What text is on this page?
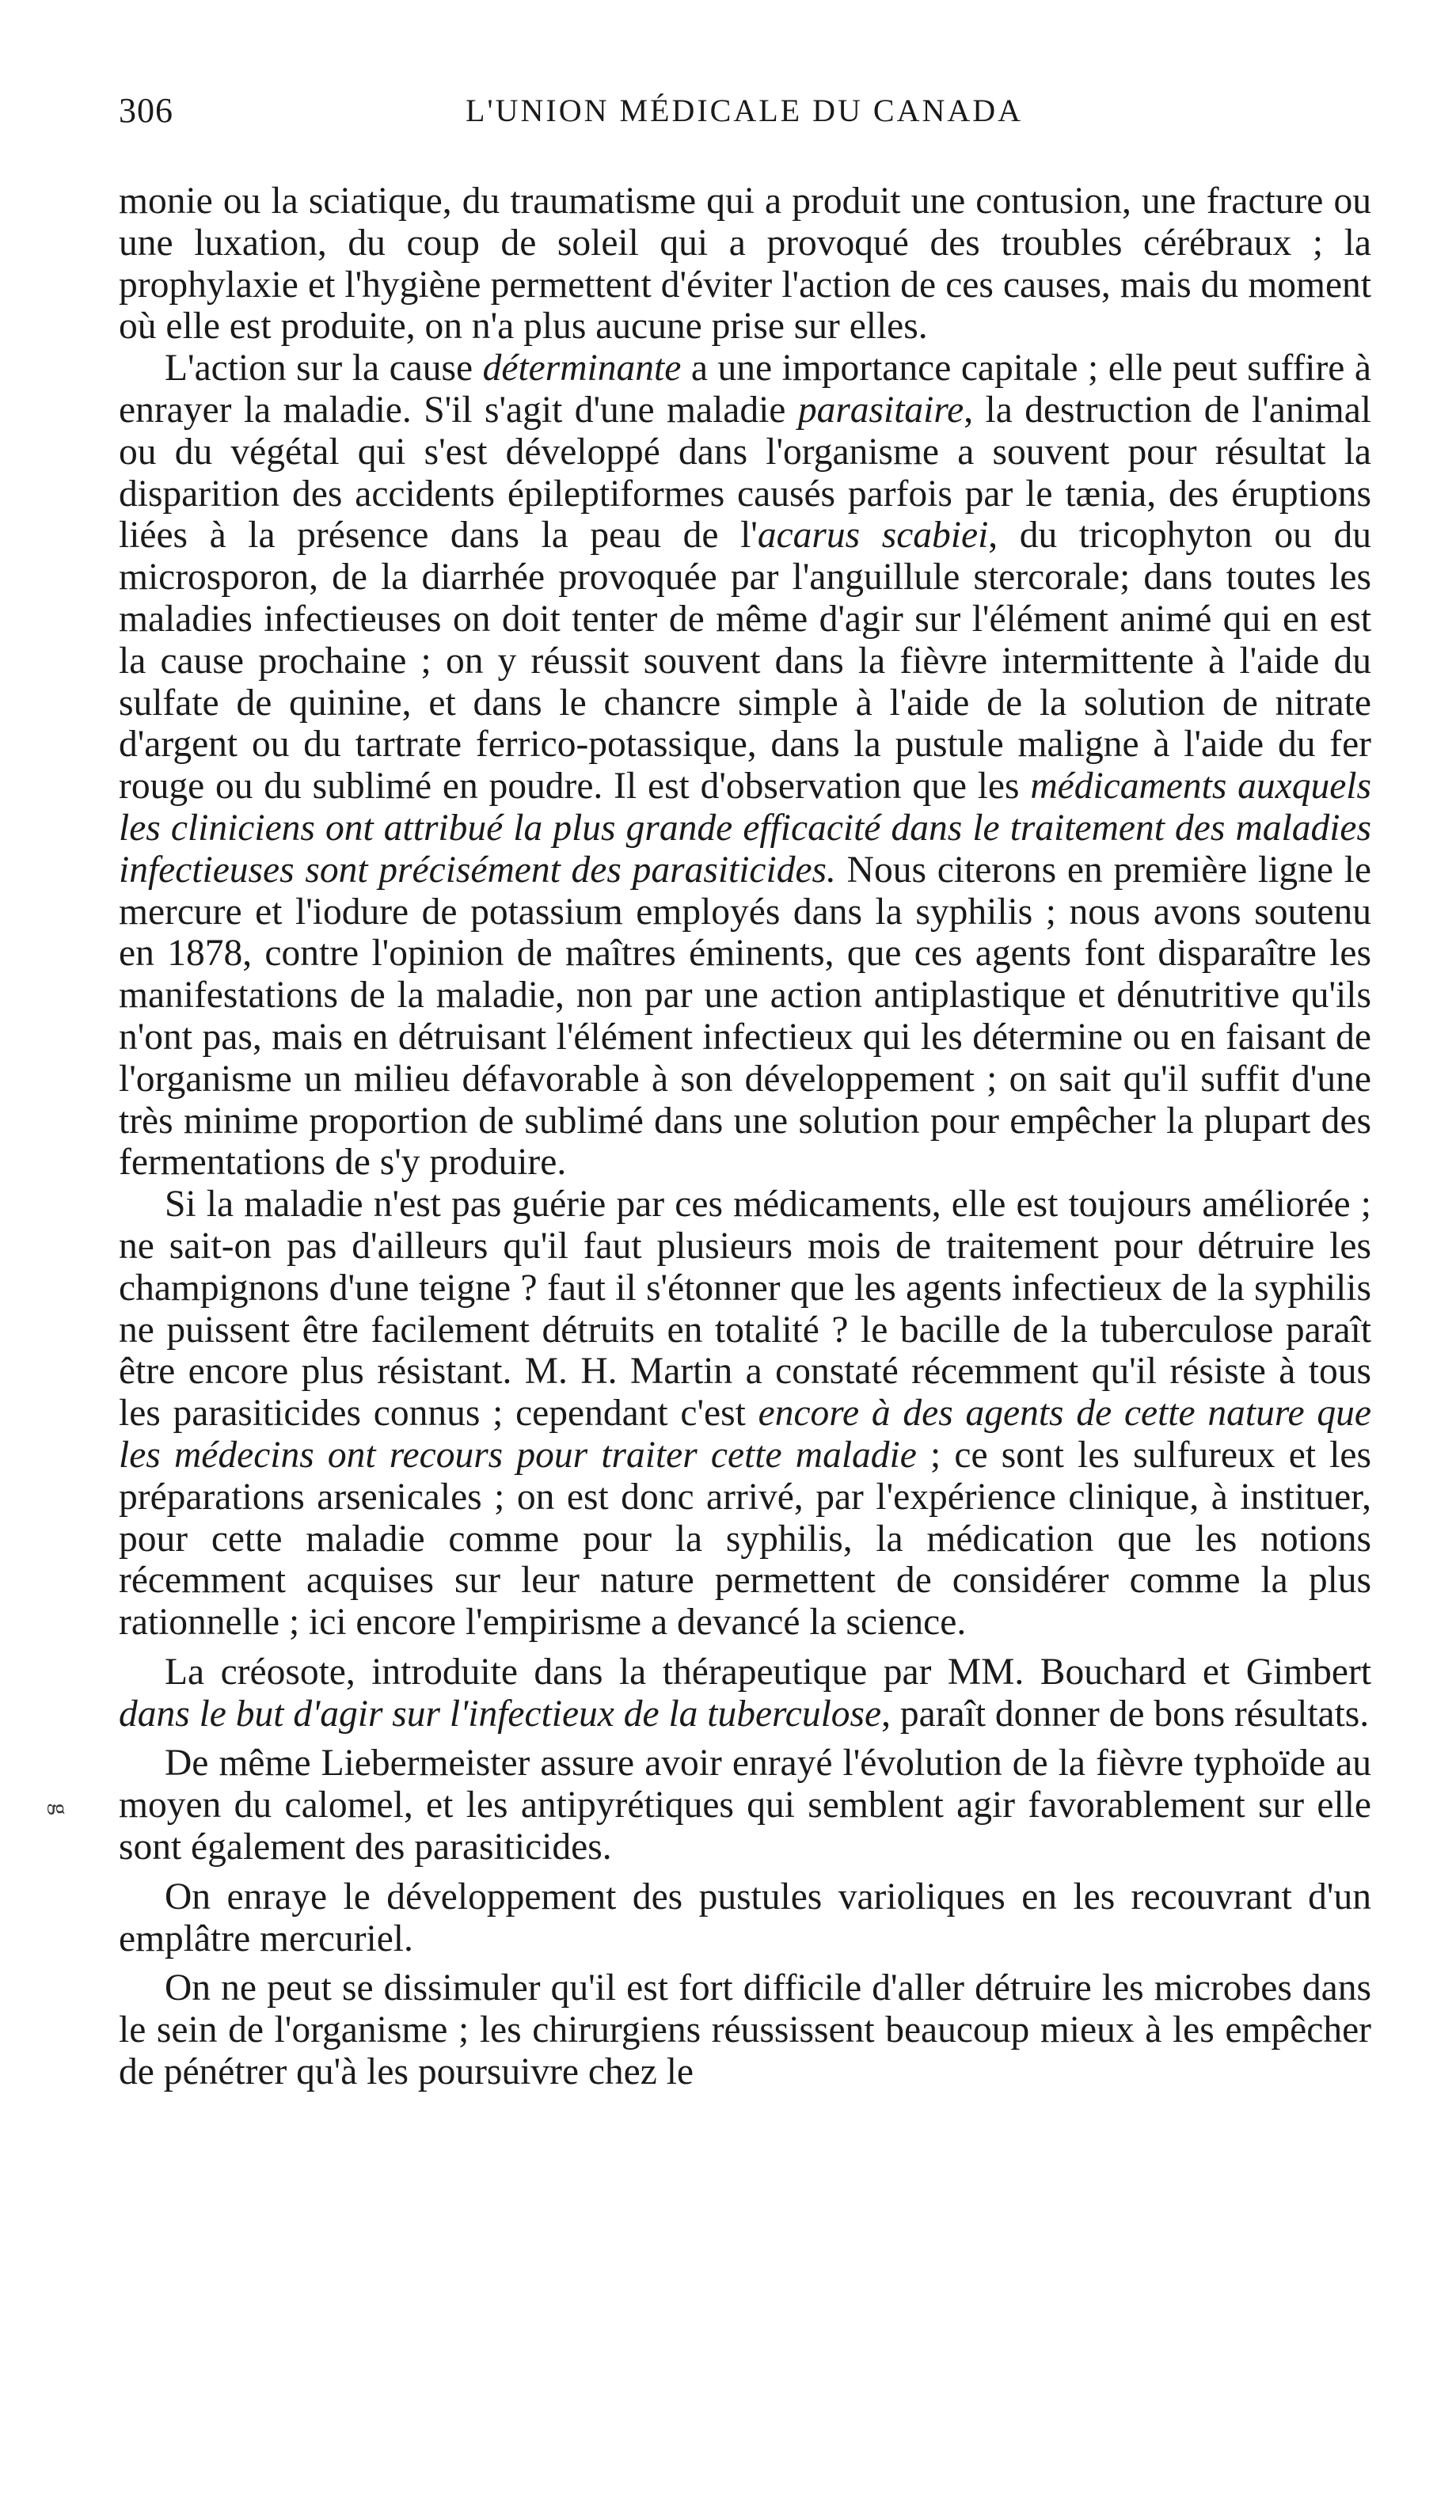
306	L'UNION MÉDICALE DU CANADA
g

monie ou la sciatique, du traumatisme qui a produit une contusion, une fracture ou une luxation, du coup de soleil qui a provoqué des troubles cérébraux ; la prophylaxie et l'hygiène permettent d'éviter l'action de ces causes, mais du moment où elle est produite, on n'a plus aucune prise sur elles.

L'action sur la cause déterminante a une importance capitale ; elle peut suffire à enrayer la maladie. S'il s'agit d'une maladie parasitaire, la destruction de l'animal ou du végétal qui s'est développé dans l'organisme a souvent pour résultat la disparition des accidents épileptiformes causés parfois par le tænia, des éruptions liées à la présence dans la peau de l'acarus scabiei, du tricophyton ou du microsporon, de la diarrhée provoquée par l'anguillule stercorale; dans toutes les maladies infectieuses on doit tenter de même d'agir sur l'élément animé qui en est la cause prochaine ; on y réussit souvent dans la fièvre intermittente à l'aide du sulfate de quinine, et dans le chancre simple à l'aide de la solution de nitrate d'argent ou du tartrate ferrico-potassique, dans la pustule maligne à l'aide du fer rouge ou du sublimé en poudre. Il est d'observation que les médicaments auxquels les cliniciens ont attribué la plus grande efficacité dans le traitement des maladies infectieuses sont précisément des parasiticides. Nous citerons en première ligne le mercure et l'iodure de potassium employés dans la syphilis ; nous avons soutenu en 1878, contre l'opinion de maîtres éminents, que ces agents font disparaître les manifestations de la maladie, non par une action antiplastique et dénutritive qu'ils n'ont pas, mais en détruisant l'élément infectieux qui les détermine ou en faisant de l'organisme un milieu défavorable à son développement ; on sait qu'il suffit d'une très minime proportion de sublimé dans une solution pour empêcher la plupart des fermentations de s'y produire.

Si la maladie n'est pas guérie par ces médicaments, elle est toujours améliorée ; ne sait-on pas d'ailleurs qu'il faut plusieurs mois de traitement pour détruire les champignons d'une teigne ? faut il s'étonner que les agents infectieux de la syphilis ne puissent être facilement détruits en totalité ? le bacille de la tuberculose paraît être encore plus résistant. M. H. Martin a constaté récemment qu'il résiste à tous les parasiticides connus ; cependant c'est encore à des agents de cette nature que les médecins ont recours pour traiter cette maladie ; ce sont les sulfureux et les préparations arsenicales ; on est donc arrivé, par l'expérience clinique, à instituer, pour cette maladie comme pour la syphilis, la médication que les notions récemment acquises sur leur nature permettent de considérer comme la plus rationnelle ; ici encore l'empirisme a devancé la science.

La créosote, introduite dans la thérapeutique par MM. Bouchard et Gimbert dans le but d'agir sur l'infectieux de la tuberculose, paraît donner de bons résultats.

De même Liebermeister assure avoir enrayé l'évolution de la fièvre typhoïde au moyen du calomel, et les antipyrétiques qui semblent agir favorablement sur elle sont également des parasiticides.

On enraye le développement des pustules varioliques en les recouvrant d'un emplâtre mercuriel.

On ne peut se dissimuler qu'il est fort difficile d'aller détruire les microbes dans le sein de l'organisme ; les chirurgiens réussissent beaucoup mieux à les empêcher de pénétrer qu'à les poursuivre chez le
